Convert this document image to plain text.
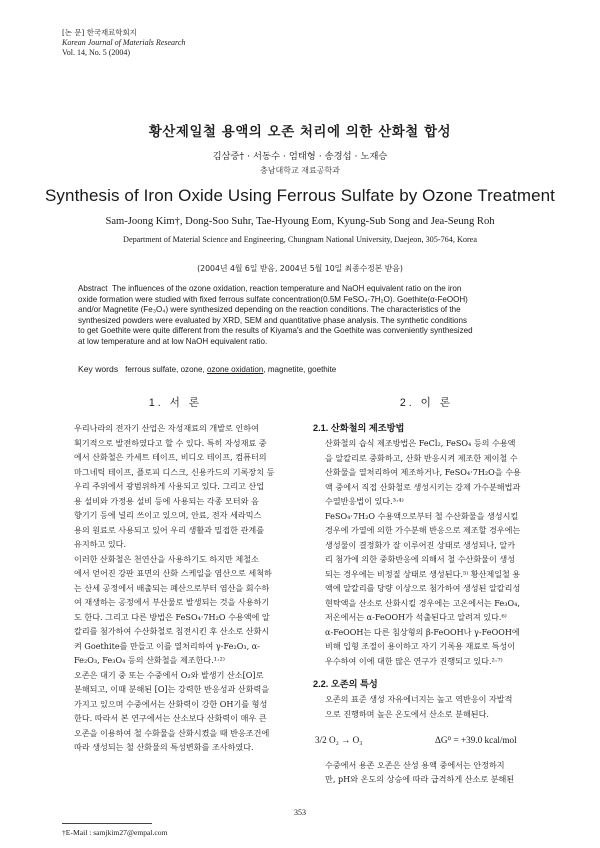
[논 문] 한국재료학회지
Korean Journal of Materials Research
Vol. 14, No. 5 (2004)
황산제일철 용액의 오존 처리에 의한 산화철 합성
김삼중† · 서동수 · 엄태형 · 송경섭 · 노재승
충남대학교 재료공학과
Synthesis of Iron Oxide Using Ferrous Sulfate by Ozone Treatment
Sam-Joong Kim†, Dong-Soo Suhr, Tae-Hyoung Eom, Kyung-Sub Song and Jea-Seung Roh
Department of Material Science and Engineering, Chungnam National University, Daejeon, 305-764, Korea
(2004년 4월 6일 받음, 2004년 5월 10일 최종수정본 받음)
Abstract The influences of the ozone oxidation, reaction temperature and NaOH equivalent ratio on the iron
oxide formation were studied with fixed ferrous sulfate concentration(0.5M FeSO₄·7H₂O). Goethite(α-FeOOH)
and/or Magnetite (Fe₃O₄) were synthesized depending on the reaction conditions. The characteristics of the
synthesized powders were evaluated by XRD, SEM and quantitative phase analysis. The synthetic conditions
to get Goethite were quite different from the results of Kiyama's and the Goethite was conveniently synthesized
at low temperature and at low NaOH equivalent ratio.
Key words ferrous sulfate, ozone, ozone oxidation, magnetite, goethite
1. 서 론
우리나라의 전자기 산업은 자성재료의 개발로 인하여
획기적으로 발전하였다고 할 수 있다. 특히 자성재료 중
에서 산화철은 카세트 테이프, 비디오 테이프, 컴퓨터의
마그네틱 테이프, 플로피 디스크, 신용카드의 기록장치 등
우리 주위에서 광범위하게 사용되고 있다. 그리고 산업
용 설비와 가정용 설비 등에 사용되는 각종 모터와 음
향기기 등에 널리 쓰이고 있으며, 안료, 전자 세라믹스
용의 원료로 사용되고 있어 우리 생활과 밀접한 관계를
유지하고 있다.
이러한 산화철은 천연산을 사용하기도 하지만 제철소
에서 얻어진 강판 표면의 산화 스케일을 염산으로 세척하
는 산세 공정에서 배출되는 폐산으로부터 염산을 회수하
여 재생하는 공정에서 부산물로 발생되는 것을 사용하기
도 한다. 그리고 다른 방법은 FeSO₄·7H₂O 수용액에 알
칼리를 첨가하여 수산화철로 침전시킨 후 산소로 산화시
켜 Goethite를 만들고 이를 열처리하여 γ-Fe₂O₃, α-
Fe₂O₃, Fe₃O₄ 등의 산화철을 제조한다.¹·²⁾
오존은 대기 중 또는 수중에서 O₂와 발생기 산소[O]로
분해되고, 이때 분해된 [O]는 강력한 반응성과 산화력을
가지고 있으며 수중에서는 산화력이 강한 OH기를 형성
한다. 따라서 본 연구에서는 산소보다 산화력이 매우 큰
오존을 이용하여 철 수화물을 산화시켰을 때 반응조건에
따라 생성되는 철 산화물의 특성변화를 조사하였다.
2. 이 론
2.1. 산화철의 제조방법
산화철의 습식 제조방법은 FeCl₂, FeSO₄ 등의 수용액
을 알칼리로 중화하고, 산화 반응시켜 제조한 제이철 수
산화물을 열처리하여 제조하거나, FeSO₄·7H₂O을 수용
액 중에서 직접 산화철로 생성시키는 강제 가수분해법과
수열반응법이 있다.³·⁴⁾
FeSO₄·7H₂O 수용액으로부터 철 수산화물을 생성시킬
경우에 가열에 의한 가수분해 반응으로 제조할 경우에는
생성물이 결정화가 잘 이루어진 상태로 생성되나, 알카
리 첨가에 의한 중화반응에 의해서 철 수산화물이 생성
되는 경우에는 비정질 상태로 생성된다.⁵⁾ 황산제일철 용
액에 알칼리를 당량 이상으로 첨가하여 생성된 알칼리성
현탁액을 산소로 산화시킬 경우에는 고온에서는 Fe₃O₄,
저온에서는 α-FeOOH가 석출된다고 알려져 있다.⁶⁾
α-FeOOH는 다른 침상형의 β-FeOOH나 γ-FeOOH에
비해 입형 조절이 용이하고 자기 기록용 재료로 특성이
우수하여 이에 대한 많은 연구가 진행되고 있다.²·⁷⁾
2.2. 오존의 특성
오존의 표준 생성 자유에너지는 높고 역반응이 자발적
으로 진행하며 높은 온도에서 산소로 분해된다.
3/2 O₂ → O₃	ΔG⁰ = +39.0 kcal/mol
수중에서 용존 오존은 산성 용액 중에서는 안정하지
만, pH와 온도의 상승에 따라 급격하게 산소로 분해된
353
†E-Mail : samjkim27@empal.com
